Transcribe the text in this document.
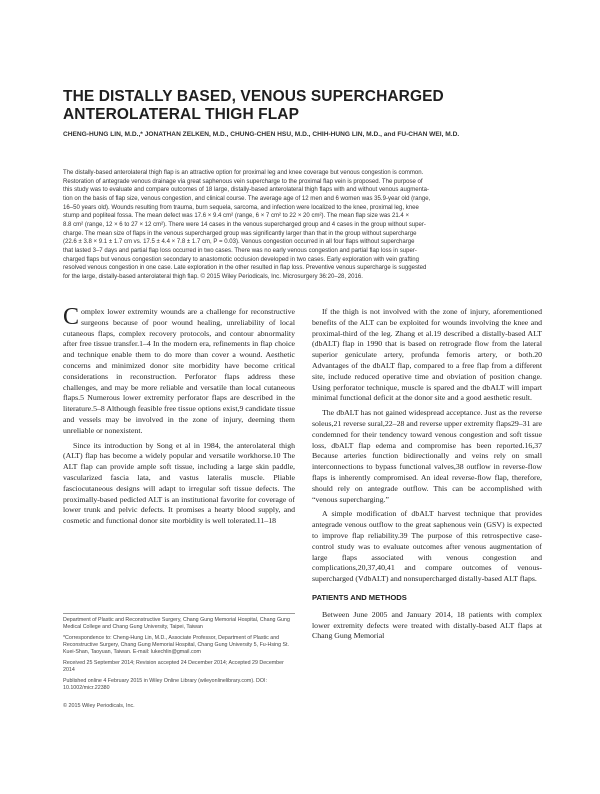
THE DISTALLY BASED, VENOUS SUPERCHARGED
ANTEROLATERAL THIGH FLAP
CHENG-HUNG LIN, M.D.,* JONATHAN ZELKEN, M.D., CHUNG-CHEN HSU, M.D., CHIH-HUNG LIN, M.D., and FU-CHAN WEI, M.D.
The distally-based anterolateral thigh flap is an attractive option for proximal leg and knee coverage but venous congestion is common.
Restoration of antegrade venous drainage via great saphenous vein supercharge to the proximal flap vein is proposed. The purpose of
this study was to evaluate and compare outcomes of 18 large, distally-based anterolateral thigh flaps with and without venous augmenta-
tion on the basis of flap size, venous congestion, and clinical course. The average age of 12 men and 6 women was 35.9-year old (range,
16–50 years old). Wounds resulting from trauma, burn sequela, sarcoma, and infection were localized to the knee, proximal leg, knee
stump and popliteal fossa. The mean defect was 17.6 × 9.4 cm² (range, 6 × 7 cm² to 22 × 20 cm²). The mean flap size was 21.4 ×
8.8 cm² (range, 12 × 6 to 27 × 12 cm²). There were 14 cases in the venous supercharged group and 4 cases in the group without super-
charge. The mean size of flaps in the venous supercharged group was significantly larger than that in the group without supercharge
(22.6 ± 3.8 × 9.1 ± 1.7 cm vs. 17.5 ± 4.4 × 7.8 ± 1.7 cm, P = 0.03). Venous congestion occurred in all four flaps without supercharge
that lasted 3–7 days and partial flap loss occurred in two cases. There was no early venous congestion and partial flap loss in super-
charged flaps but venous congestion secondary to anastomotic occlusion developed in two cases. Early exploration with vein grafting
resolved venous congestion in one case. Late exploration in the other resulted in flap loss. Preventive venous supercharge is suggested
for the large, distally-based anterolateral thigh flap. © 2015 Wiley Periodicals, Inc. Microsurgery 36:20–28, 2016.

Complex lower extremity wounds are a challenge for reconstructive surgeons because of poor wound healing, unreliability of local cutaneous flaps, complex recovery protocols, and contour abnormality after free tissue transfer.1–4 In the modern era, refinements in flap choice and technique enable them to do more than cover a wound. Aesthetic concerns and minimized donor site morbidity have become critical considerations in reconstruction. Perforator flaps address these challenges, and may be more reliable and versatile than local cutaneous flaps.5 Numerous lower extremity perforator flaps are described in the literature.5–8 Although feasible free tissue options exist,9 candidate tissue and vessels may be involved in the zone of injury, deeming them unreliable or nonexistent.

Since its introduction by Song et al in 1984, the anterolateral thigh (ALT) flap has become a widely popular and versatile workhorse.10 The ALT flap can provide ample soft tissue, including a large skin paddle, vascularized fascia lata, and vastus lateralis muscle. Pliable fasciocutaneous designs will adapt to irregular soft tissue defects. The proximally-based pedicled ALT is an institutional favorite for coverage of lower trunk and pelvic defects. It promises a hearty blood supply, and cosmetic and functional donor site morbidity is well tolerated.11–18

If the thigh is not involved with the zone of injury, aforementioned benefits of the ALT can be exploited for wounds involving the knee and proximal-third of the leg. Zhang et al.19 described a distally-based ALT (dbALT) flap in 1990 that is based on retrograde flow from the lateral superior geniculate artery, profunda femoris artery, or both.20 Advantages of the dbALT flap, compared to a free flap from a different site, include reduced operative time and obviation of position change. Using perforator technique, muscle is spared and the dbALT will impart minimal functional deficit at the donor site and a good aesthetic result.

The dbALT has not gained widespread acceptance. Just as the reverse soleus,21 reverse sural,22–28 and reverse upper extremity flaps29–31 are condemned for their tendency toward venous congestion and soft tissue loss, dbALT flap edema and compromise has been reported.16,37 Because arteries function bidirectionally and veins rely on small interconnections to bypass functional valves,38 outflow in reverse-flow flaps is inherently compromised. An ideal reverse-flow flap, therefore, should rely on antegrade outflow. This can be accomplished with “venous supercharging.”

A simple modification of dbALT harvest technique that provides antegrade venous outflow to the great saphenous vein (GSV) is expected to improve flap reliability.39 The purpose of this retrospective case-control study was to evaluate outcomes after venous augmentation of large flaps associated with venous congestion and complications,20,37,40,41 and compare outcomes of venous-supercharged (VdbALT) and nonsupercharged distally-based ALT flaps.

PATIENTS AND METHODS

Between June 2005 and January 2014, 18 patients with complex lower extremity defects were treated with distally-based ALT flaps at Chang Gung Memorial

Department of Plastic and Reconstructive Surgery, Chang Gung Memorial Hospital, Chang Gung Medical College and Chang Gung University, Taipei, Taiwan

*Correspondence to: Cheng-Hung Lin, M.D., Associate Professor, Department of Plastic and Reconstructive Surgery, Chang Gung Memorial Hospital, Chang Gung University 5, Fu-Hsing St. Kuei-Shan, Taoyuan, Taiwan. E-mail: lukechlin@gmail.com

Received 25 September 2014; Revision accepted 24 December 2014; Accepted 29 December 2014

Published online 4 February 2015 in Wiley Online Library (wileyonlinelibrary.com). DOI: 10.1002/micr.22380

© 2015 Wiley Periodicals, Inc.
